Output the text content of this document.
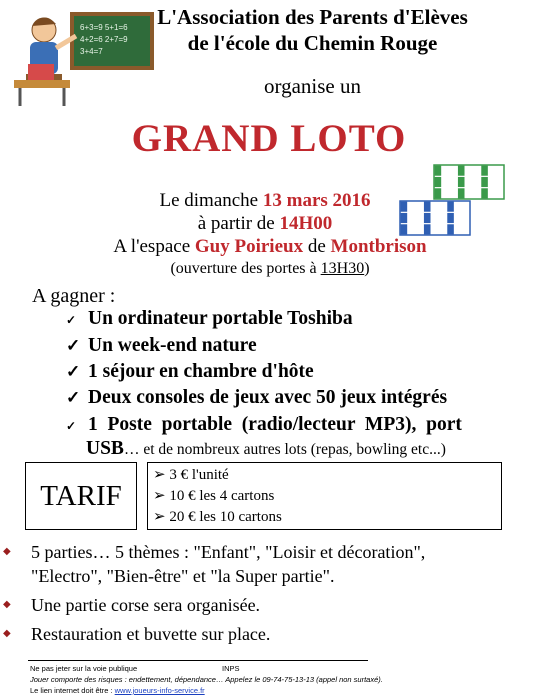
6+3=9 5+1=6
4+2=6 2+7=9
3+4=7
L'Association des Parents d'Elèves
de l'école du Chemin Rouge
organise un
GRAND LOTO
Le dimanche 13 mars 2016
à partir de 14H00
A l'espace Guy Poirieux de Montbrison
(ouverture des portes à 13H30)
A gagner :
✓ Un ordinateur portable Toshiba
✓ Un week-end nature
✓ 1 séjour en chambre d'hôte
✓ Deux consoles de jeux avec 50 jeux intégrés
✓ 1  Poste  portable  (radio/lecteur  MP3),  port
USB… et de nombreux autres lots (repas, bowling etc...)
TARIF
➢ 3 € l'unité
➢ 10 € les 4 cartons
➢ 20 € les 10 cartons
◆ 5 parties… 5 thèmes : "Enfant", "Loisir et décoration",
"Electro", "Bien-être" et "la Super partie".
◆ Une partie corse sera organisée.
◆ Restauration et buvette sur place.
Ne pas jeter sur la voie publique	INPS
Jouer comporte des risques : endettement, dépendance… Appelez le 09-74-75-13-13 (appel non surtaxé).
Le lien internet doit être : www.joueurs-info-service.fr
